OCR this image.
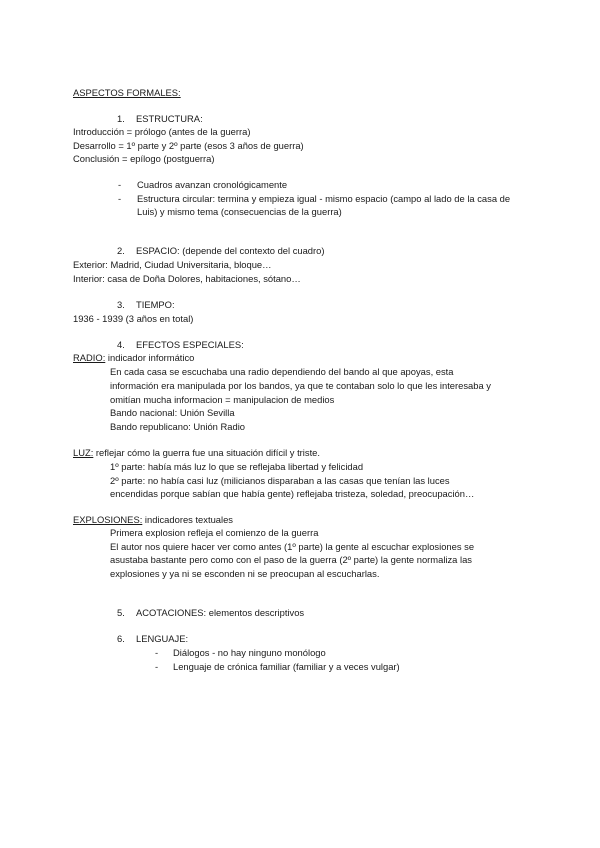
ASPECTOS FORMALES:
1. ESTRUCTURA:
Introducción = prólogo (antes de la guerra)
Desarrollo = 1º parte y 2º parte (esos 3 años de guerra)
Conclusión = epílogo (postguerra)
- Cuadros avanzan cronológicamente
- Estructura circular: termina y empieza igual - mismo espacio (campo al lado de la casa de
Luis) y mismo tema (consecuencias de la guerra)
2. ESPACIO: (depende del contexto del cuadro)
Exterior: Madrid, Ciudad Universitaria, bloque…
Interior: casa de Doña Dolores, habitaciones, sótano…
3. TIEMPO:
1936 - 1939 (3 años en total)
4. EFECTOS ESPECIALES:
RADIO: indicador informático
En cada casa se escuchaba una radio dependiendo del bando al que apoyas, esta
información era manipulada por los bandos, ya que te contaban solo lo que les interesaba y
omitían mucha informacion = manipulacion de medios
Bando nacional: Unión Sevilla
Bando republicano: Unión Radio
LUZ: reflejar cómo la guerra fue una situación difícil y triste.
1º parte: había más luz lo que se reflejaba libertad y felicidad
2º parte: no había casi luz (milicianos disparaban a las casas que tenían las luces
encendidas porque sabían que había gente) reflejaba tristeza, soledad, preocupación…
EXPLOSIONES: indicadores textuales
Primera explosion refleja el comienzo de la guerra
El autor nos quiere hacer ver como antes (1º parte) la gente al escuchar explosiones se
asustaba bastante pero como con el paso de la guerra (2º parte) la gente normaliza las
explosiones y ya ni se esconden ni se preocupan al escucharlas.
5. ACOTACIONES: elementos descriptivos
6. LENGUAJE:
- Diálogos - no hay ninguno monólogo
- Lenguaje de crónica familiar (familiar y a veces vulgar)
